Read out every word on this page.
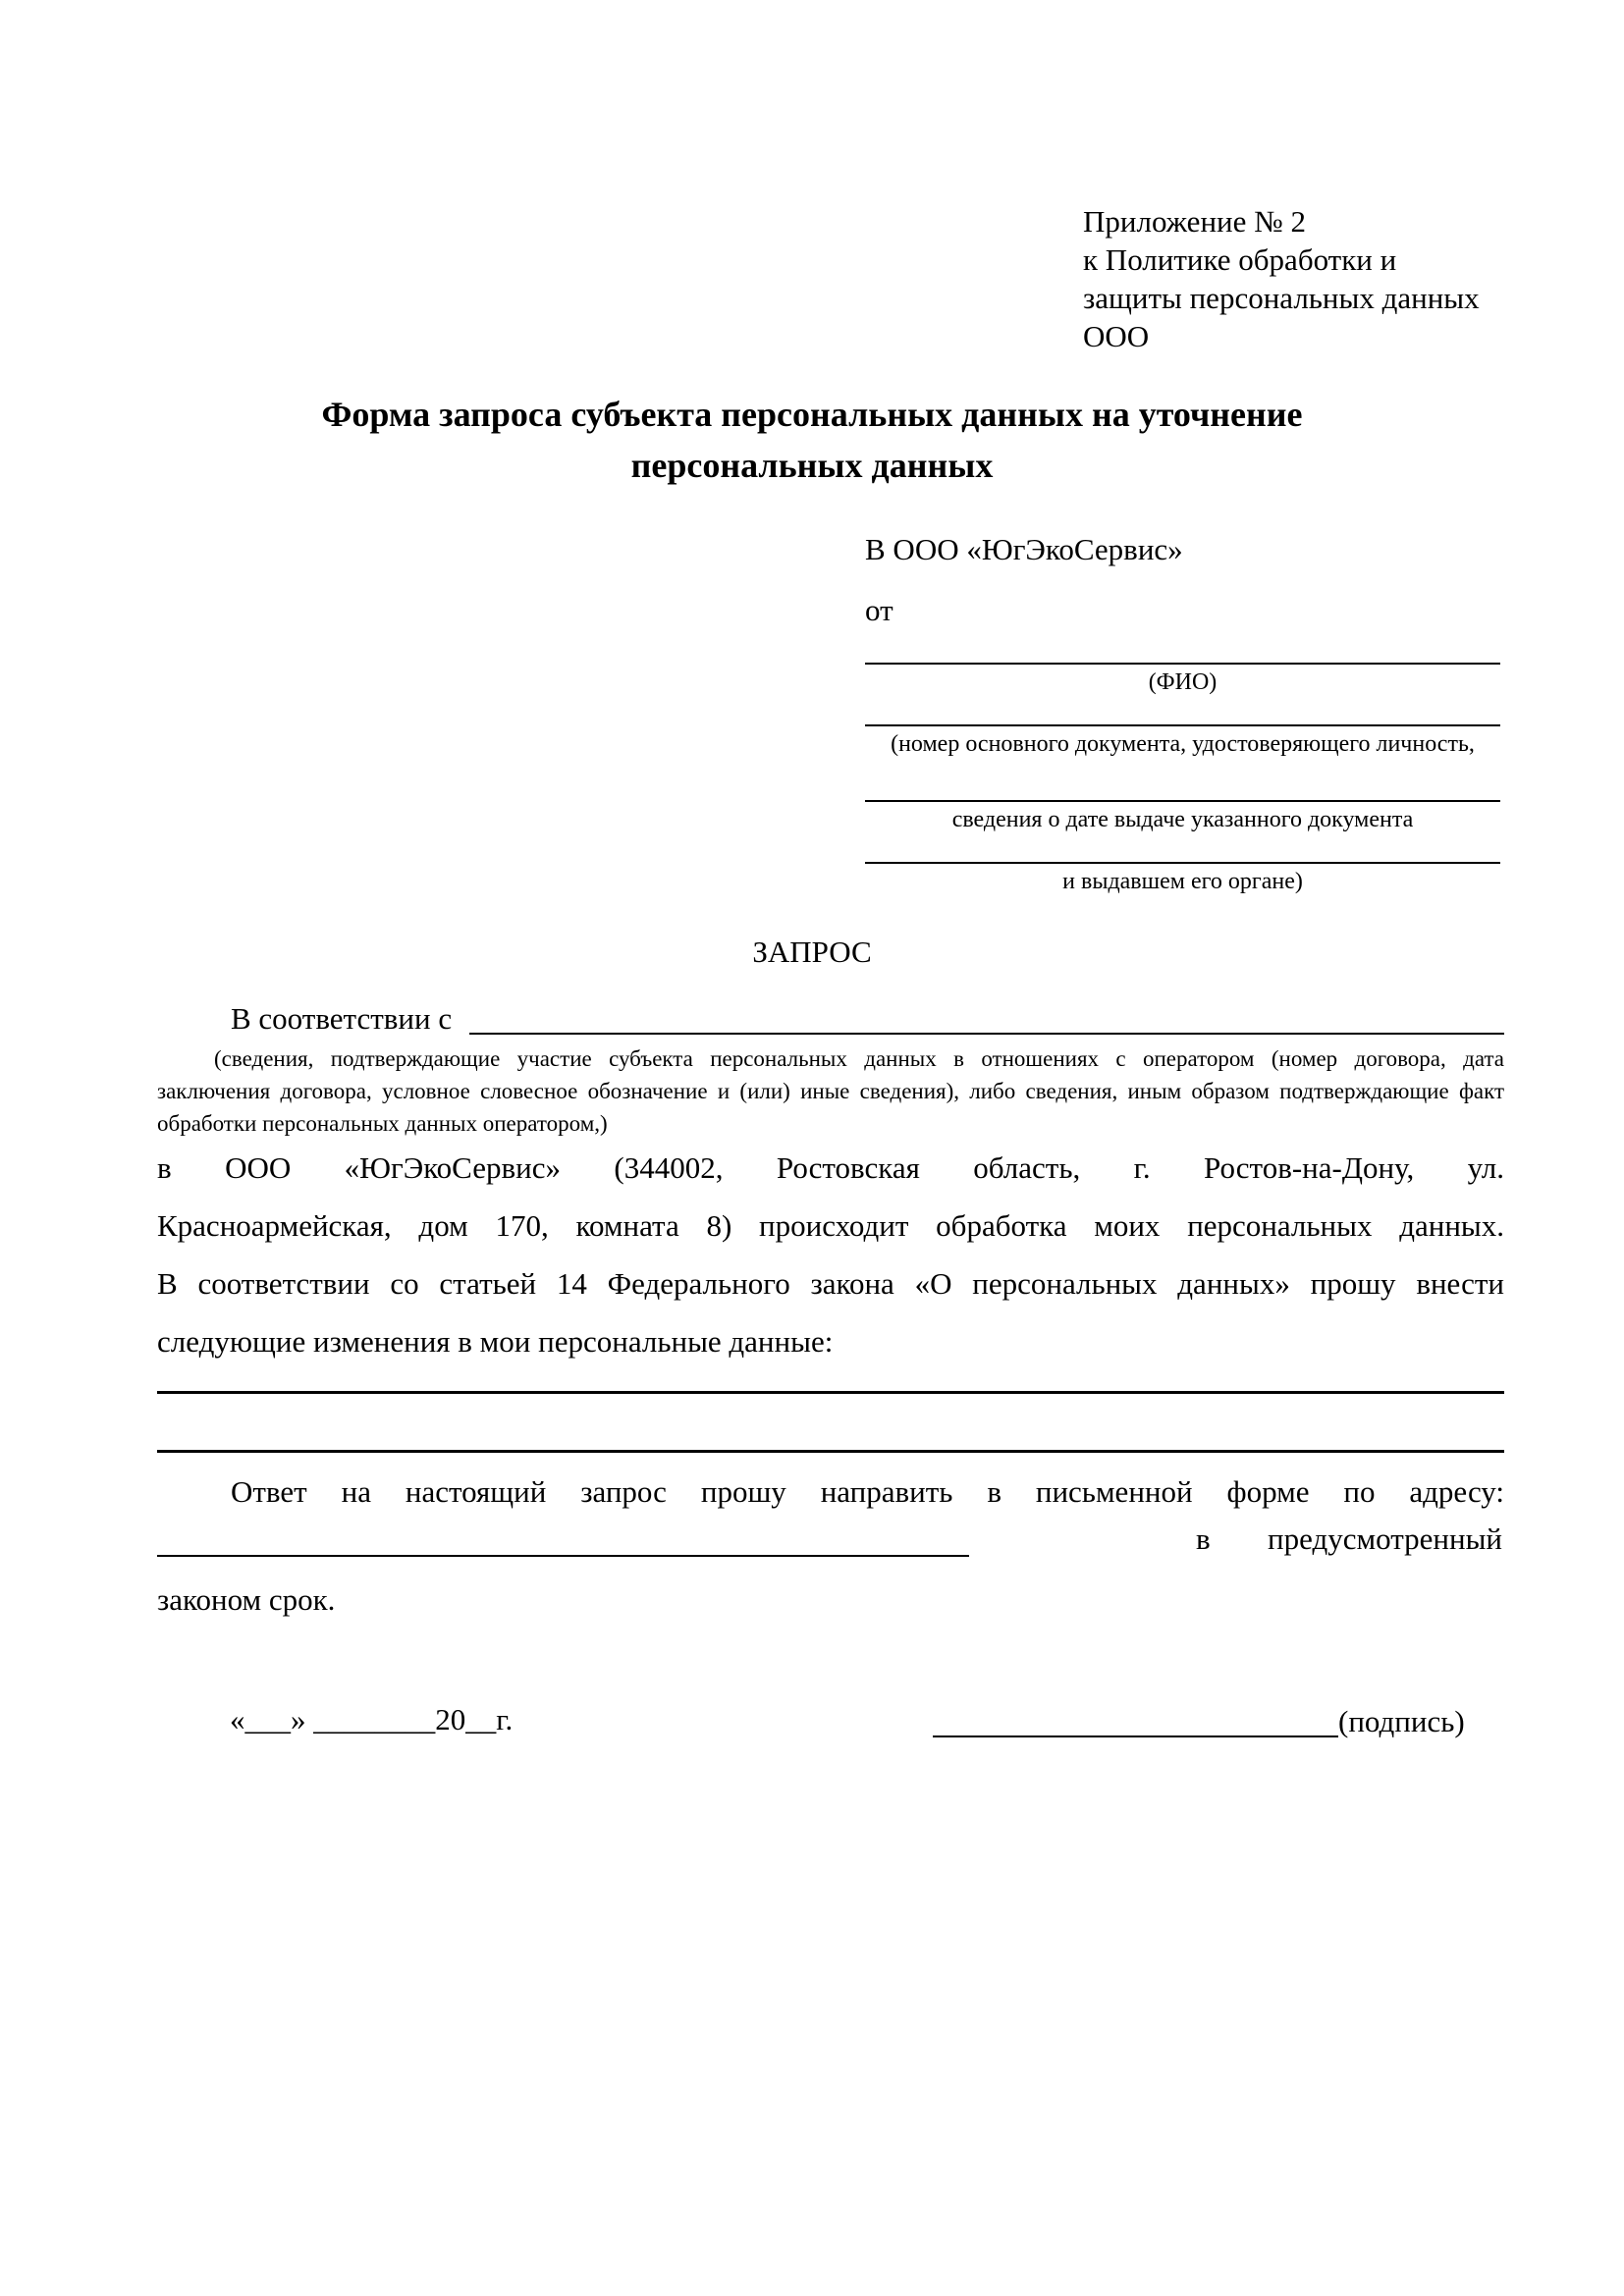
Приложение № 2
к Политике обработки и
защиты персональных данных
ООО
Форма запроса субъекта персональных данных на уточнение
персональных данных
В ООО «ЮгЭкоСервис»
от
(ФИО)
(номер основного документа, удостоверяющего личность,
сведения о дате выдаче указанного документа
и выдавшем его органе)
ЗАПРОС
В соответствии с
(сведения, подтверждающие участие субъекта персональных данных в отношениях с оператором (номер договора, дата
заключения договора, условное словесное обозначение и (или) иные сведения), либо сведения, иным образом подтверждающие факт
обработки персональных данных оператором,)
в ООО «ЮгЭкоСервис» (344002, Ростовская область, г. Ростов-на-Дону, ул.
Красноармейская, дом 170, комната 8) происходит обработка моих персональных данных.
В соответствии со статьей 14 Федерального закона «О персональных данных» прошу внести
следующие изменения в мои персональные данные:
Ответ на настоящий запрос прошу направить в письменной форме по адресу:
в предусмотренный
законом срок.
«___» ________20__г.	(подпись)
